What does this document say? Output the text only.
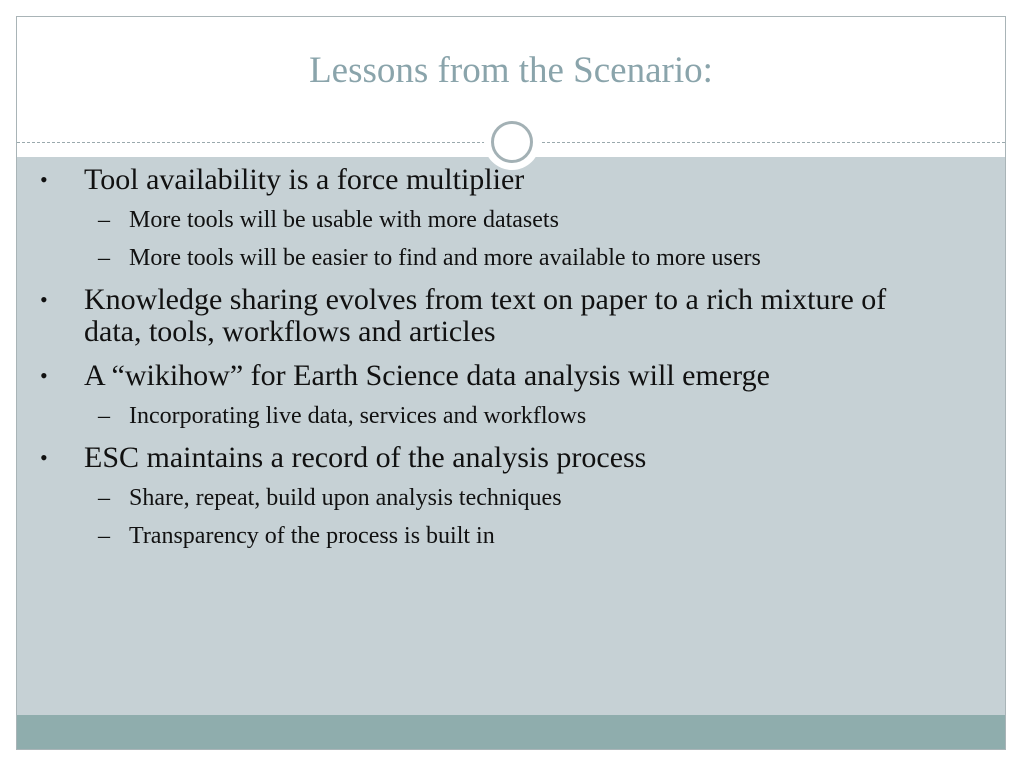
Lessons from the Scenario:
•	Tool availability is a force multiplier
– More tools will be usable with more datasets
– More tools will be easier to find and more available to more users
•	Knowledge sharing evolves from text on paper to a rich mixture of data, tools, workflows and articles
•	A “wikihow” for Earth Science data analysis will emerge
– Incorporating live data, services and workflows
•	ESC maintains a record of the analysis process
– Share, repeat, build upon analysis techniques
– Transparency of the process is built in
